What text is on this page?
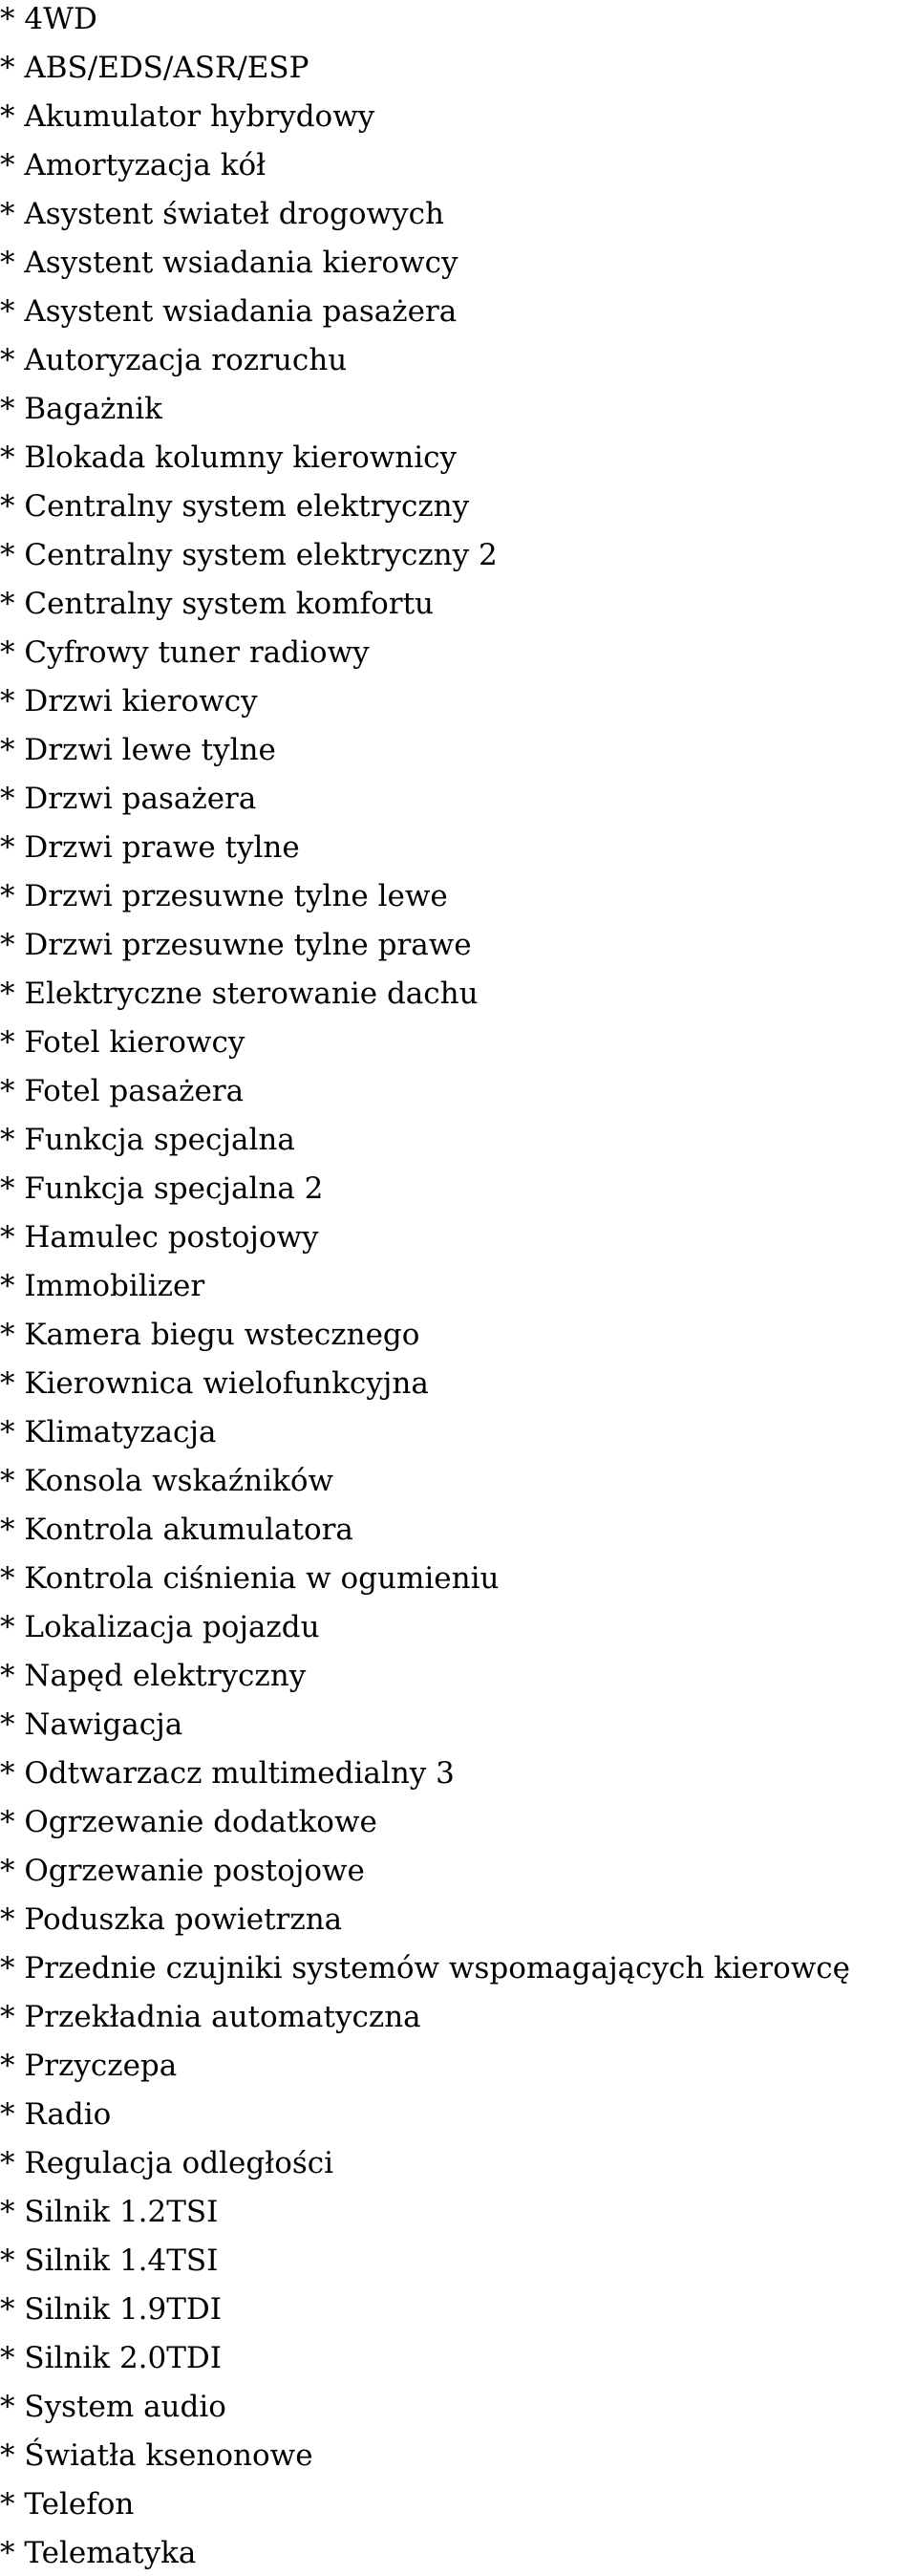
* 4WD
* ABS/EDS/ASR/ESP
* Akumulator hybrydowy
* Amortyzacja kół
* Asystent świateł drogowych
* Asystent wsiadania kierowcy
* Asystent wsiadania pasażera
* Autoryzacja rozruchu
* Bagażnik
* Blokada kolumny kierownicy
* Centralny system elektryczny
* Centralny system elektryczny 2
* Centralny system komfortu
* Cyfrowy tuner radiowy
* Drzwi kierowcy
* Drzwi lewe tylne
* Drzwi pasażera
* Drzwi prawe tylne
* Drzwi przesuwne tylne lewe
* Drzwi przesuwne tylne prawe
* Elektryczne sterowanie dachu
* Fotel kierowcy
* Fotel pasażera
* Funkcja specjalna
* Funkcja specjalna 2
* Hamulec postojowy
* Immobilizer
* Kamera biegu wstecznego
* Kierownica wielofunkcyjna
* Klimatyzacja
* Konsola wskaźników
* Kontrola akumulatora
* Kontrola ciśnienia w ogumieniu
* Lokalizacja pojazdu
* Napęd elektryczny
* Nawigacja
* Odtwarzacz multimedialny 3
* Ogrzewanie dodatkowe
* Ogrzewanie postojowe
* Poduszka powietrzna
* Przednie czujniki systemów wspomagających kierowcę
* Przekładnia automatyczna
* Przyczepa
* Radio
* Regulacja odległości
* Silnik 1.2TSI
* Silnik 1.4TSI
* Silnik 1.9TDI
* Silnik 2.0TDI
* System audio
* Światła ksenonowe
* Telefon
* Telematyka
